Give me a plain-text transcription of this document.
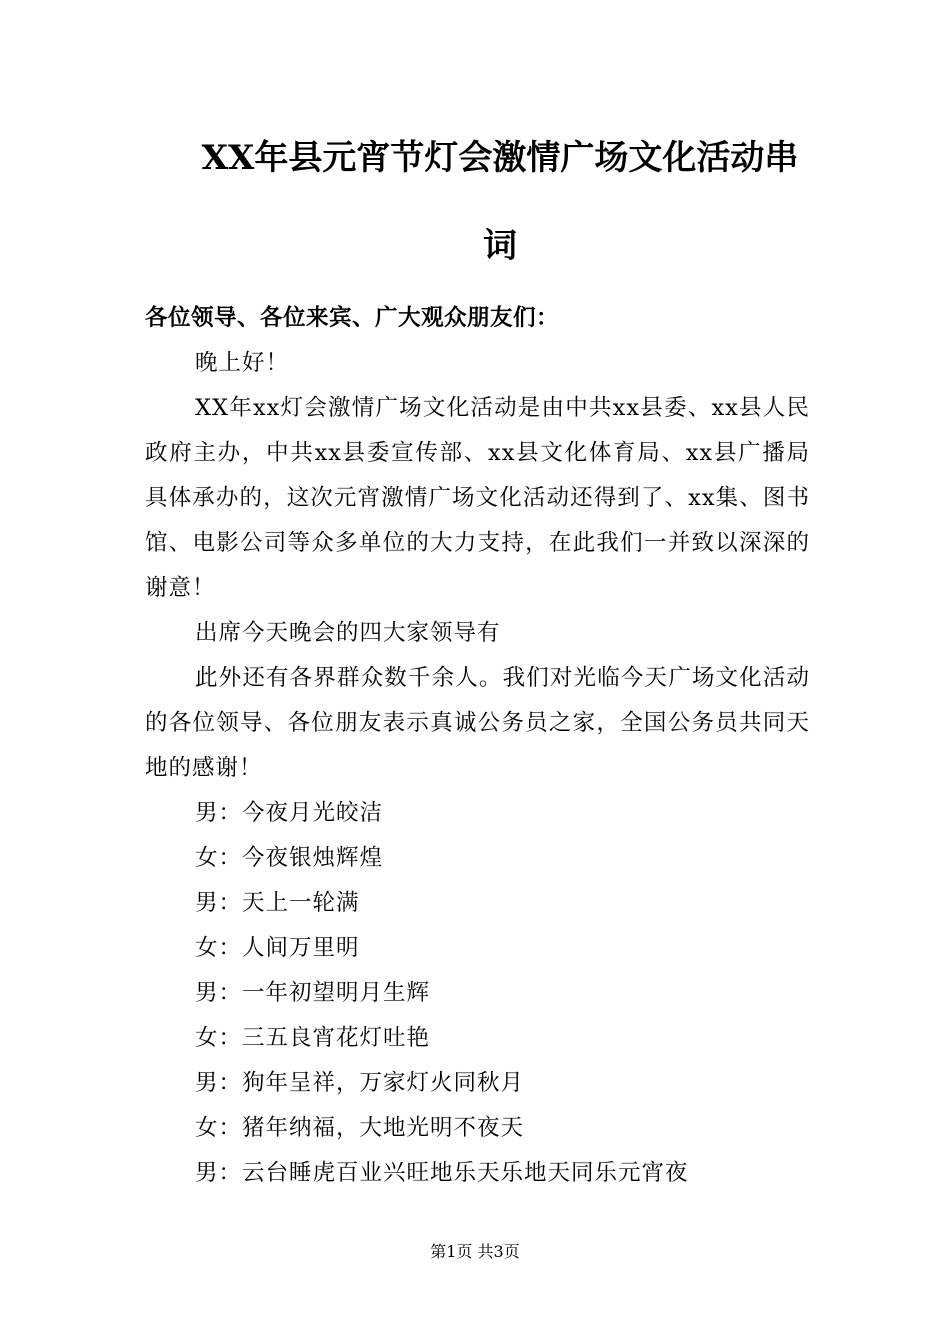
XX年县元宵节灯会激情广场文化活动串
词

各位领导、各位来宾、广大观众朋友们：

晚上好！

XX年xx灯会激情广场文化活动是由中共xx县委、xx县人民政府主办，中共xx县委宣传部、xx县文化体育局、xx县广播局具体承办的，这次元宵激情广场文化活动还得到了、xx集、图书馆、电影公司等众多单位的大力支持，在此我们一并致以深深的谢意！

出席今天晚会的四大家领导有

此外还有各界群众数千余人。我们对光临今天广场文化活动的各位领导、各位朋友表示真诚公务员之家，全国公务员共同天地的感谢！

男：今夜月光皎洁

女：今夜银烛辉煌

男：天上一轮满

女：人间万里明

男：一年初望明月生辉

女：三五良宵花灯吐艳

男：狗年呈祥，万家灯火同秋月

女：猪年纳福，大地光明不夜天

男：云台睡虎百业兴旺地乐天乐地天同乐元宵夜

第1页 共3页
